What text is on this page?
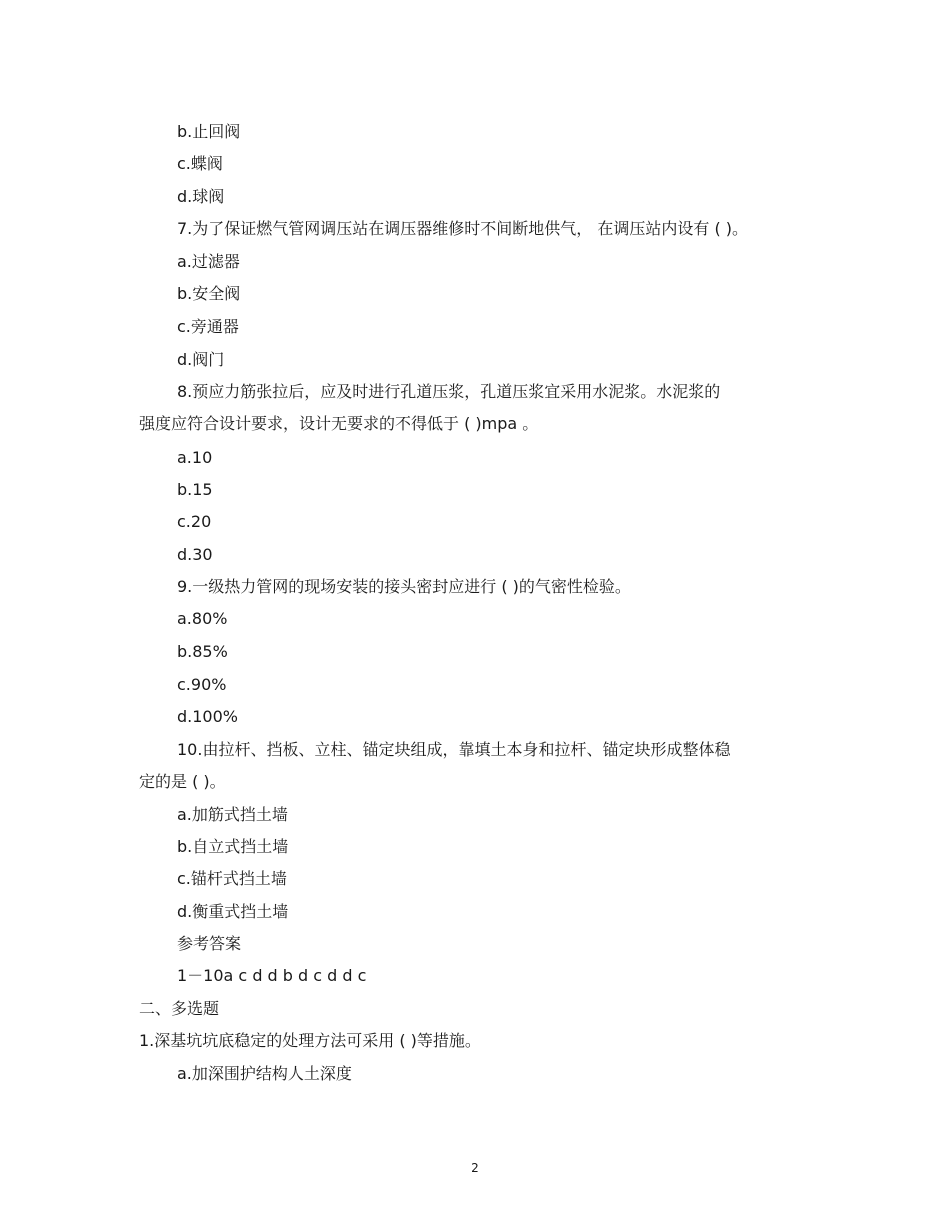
b.止回阀
c.蝶阀
d.球阀
7.为了保证燃气管网调压站在调压器维修时不间断地供气， 在调压站内设有 ( )。
a.过滤器
b.安全阀
c.旁通器
d.阀门
8.预应力筋张拉后，应及时进行孔道压浆，孔道压浆宜采用水泥浆。水泥浆的
强度应符合设计要求，设计无要求的不得低于 ( )mpa 。
a.10
b.15
c.20
d.30
9.一级热力管网的现场安装的接头密封应进行 ( )的气密性检验。
a.80%
b.85%
c.90%
d.100%
10.由拉杆、挡板、立柱、锚定块组成，靠填土本身和拉杆、锚定块形成整体稳
定的是 ( )。
a.加筋式挡土墙
b.自立式挡土墙
c.锚杆式挡土墙
d.衡重式挡土墙
参考答案
1－10a c d d b d c d d c
二、多选题
1.深基坑坑底稳定的处理方法可采用 ( )等措施。
a.加深围护结构人土深度
2
